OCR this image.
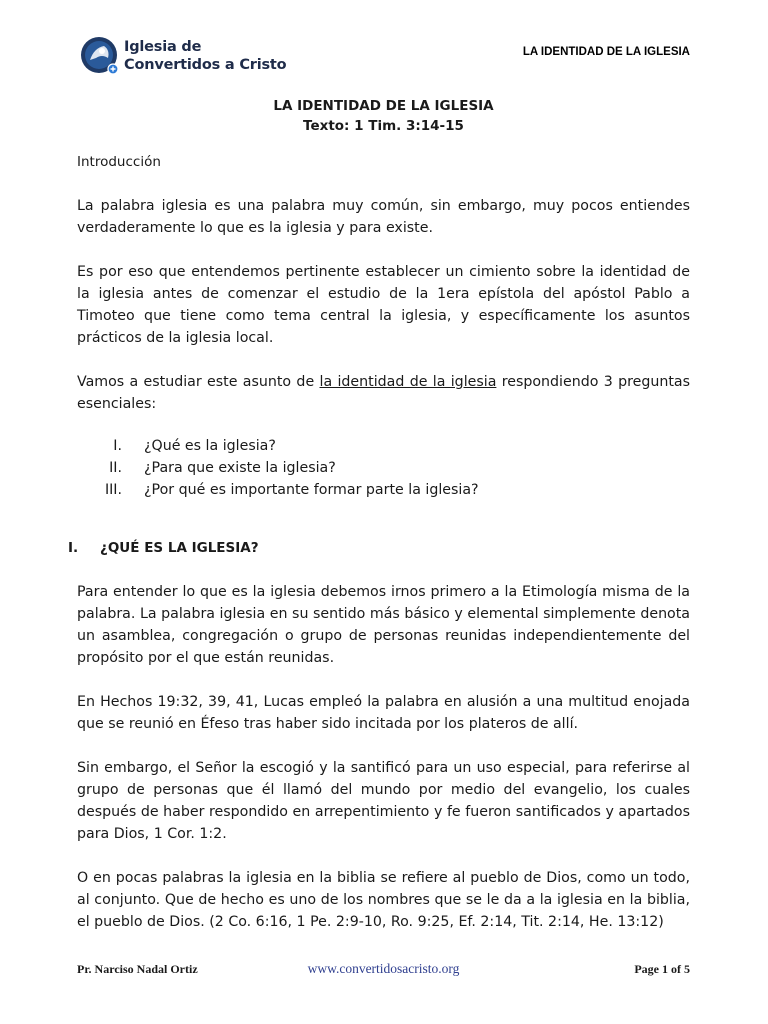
Iglesia de
Convertidos a Cristo
LA IDENTIDAD DE LA IGLESIA
LA IDENTIDAD DE LA IGLESIA
Texto: 1 Tim. 3:14-15
Introducción

La palabra iglesia es una palabra muy común, sin embargo, muy pocos entiendes verdaderamente lo que es la iglesia y para existe.

Es por eso que entendemos pertinente establecer un cimiento sobre la identidad de la iglesia antes de comenzar el estudio de la 1era epístola del apóstol Pablo a Timoteo que tiene como tema central la iglesia, y específicamente los asuntos prácticos de la iglesia local.

Vamos a estudiar este asunto de la identidad de la iglesia respondiendo 3 preguntas esenciales:

I.	¿Qué es la iglesia?
II.	¿Para que existe la iglesia?
III.	¿Por qué es importante formar parte la iglesia?
I.	¿QUÉ ES LA IGLESIA?

Para entender lo que es la iglesia debemos irnos primero a la Etimología misma de la palabra. La palabra iglesia en su sentido más básico y elemental simplemente denota un asamblea, congregación o grupo de personas reunidas independientemente del propósito por el que están reunidas.

En Hechos 19:32, 39, 41, Lucas empleó la palabra en alusión a una multitud enojada que se reunió en Éfeso tras haber sido incitada por los plateros de allí.

Sin embargo, el Señor la escogió y la santificó para un uso especial, para referirse al grupo de personas que él llamó del mundo por medio del evangelio, los cuales después de haber respondido en arrepentimiento y fe fueron santificados y apartados para Dios, 1 Cor. 1:2.

O en pocas palabras la iglesia en la biblia se refiere al pueblo de Dios, como un todo, al conjunto. Que de hecho es uno de los nombres que se le da a la iglesia en la biblia, el pueblo de Dios. (2 Co. 6:16, 1 Pe. 2:9-10, Ro. 9:25, Ef. 2:14, Tit. 2:14, He. 13:12)

Pr. Narciso Nadal Ortiz	www.convertidosacristo.org	Page 1 of 5
